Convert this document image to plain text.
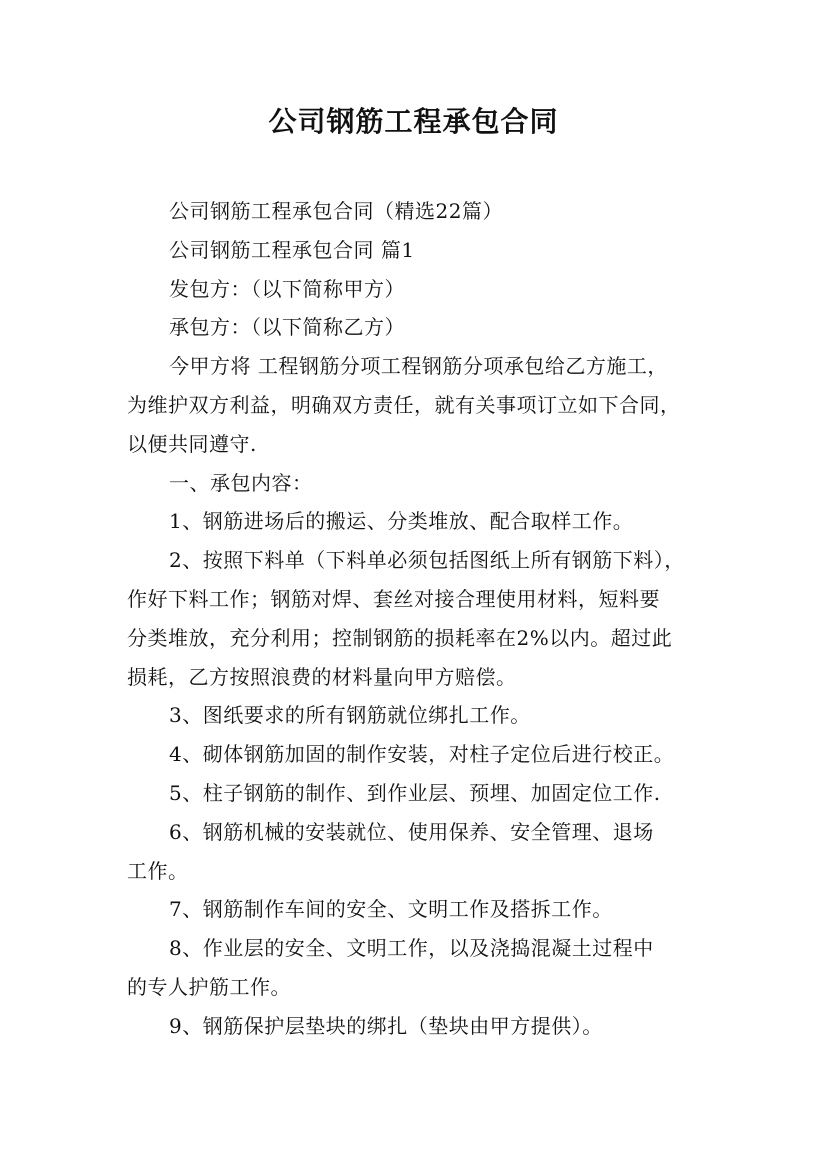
公司钢筋工程承包合同
公司钢筋工程承包合同（精选22篇）
公司钢筋工程承包合同 篇1
发包方：（以下简称甲方）
承包方：（以下简称乙方）
今甲方将 工程钢筋分项工程钢筋分项承包给乙方施工，
为维护双方利益，明确双方责任，就有关事项订立如下合同，
以便共同遵守.
一、承包内容：
1、钢筋进场后的搬运、分类堆放、配合取样工作。
2、按照下料单（下料单必须包括图纸上所有钢筋下料），
作好下料工作；钢筋对焊、套丝对接合理使用材料，短料要
分类堆放，充分利用；控制钢筋的损耗率在2%以内。超过此
损耗，乙方按照浪费的材料量向甲方赔偿。
3、图纸要求的所有钢筋就位绑扎工作。
4、砌体钢筋加固的制作安装，对柱子定位后进行校正。
5、柱子钢筋的制作、到作业层、预埋、加固定位工作.
6、钢筋机械的安装就位、使用保养、安全管理、退场
工作。
7、钢筋制作车间的安全、文明工作及搭拆工作。
8、作业层的安全、文明工作，以及浇捣混凝土过程中
的专人护筋工作。
9、钢筋保护层垫块的绑扎（垫块由甲方提供）。
